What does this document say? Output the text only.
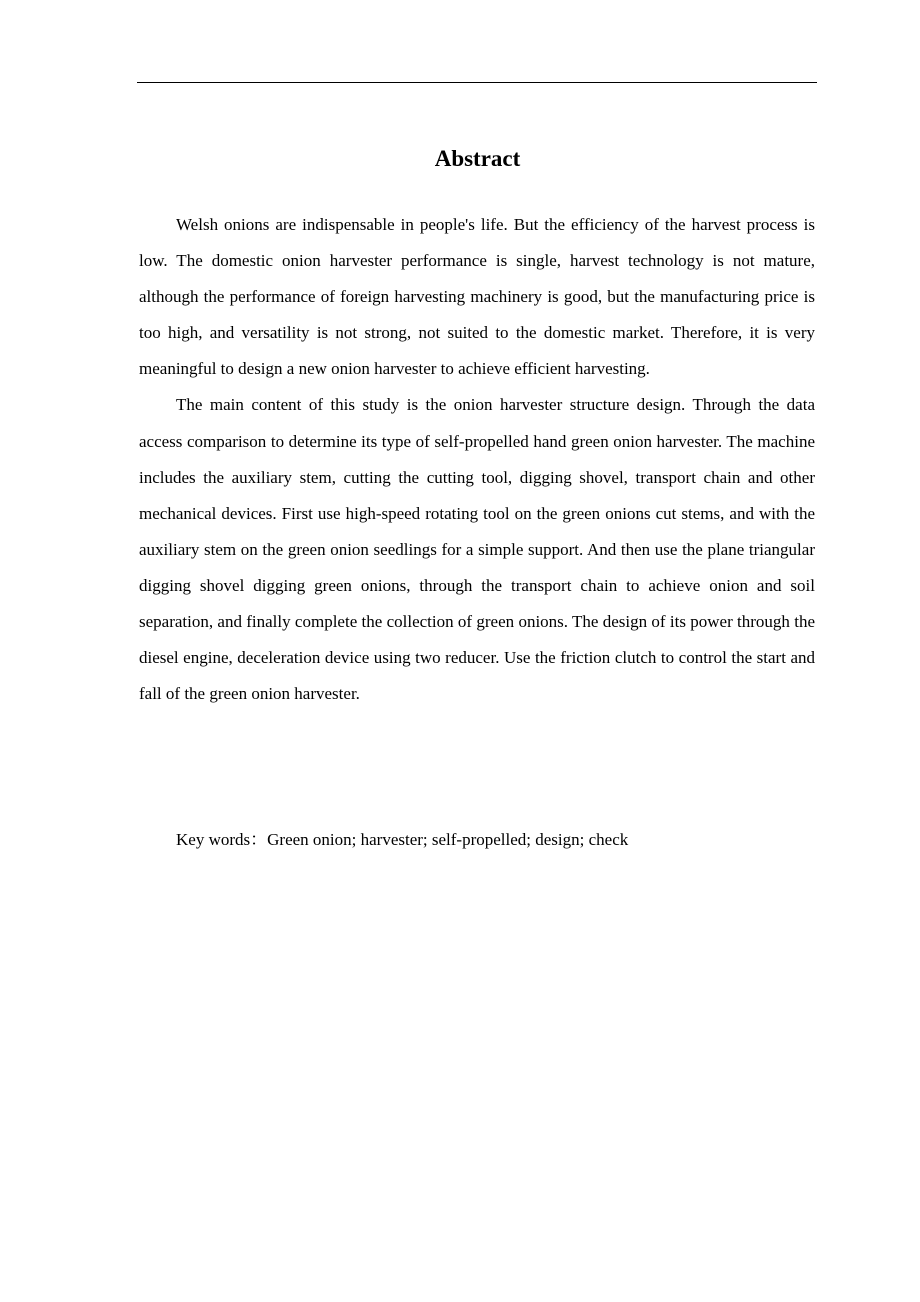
Abstract

Welsh onions are indispensable in people's life. But the efficiency of the harvest process is low. The domestic onion harvester performance is single, harvest technology is not mature, although the performance of foreign harvesting machinery is good, but the manufacturing price is too high, and versatility is not strong, not suited to the domestic market. Therefore, it is very meaningful to design a new onion harvester to achieve efficient harvesting.

The main content of this study is the onion harvester structure design. Through the data access comparison to determine its type of self-propelled hand green onion harvester. The machine includes the auxiliary stem, cutting the cutting tool, digging shovel, transport chain and other mechanical devices. First use high-speed rotating tool on the green onions cut stems, and with the auxiliary stem on the green onion seedlings for a simple support. And then use the plane triangular digging shovel digging green onions, through the transport chain to achieve onion and soil separation, and finally complete the collection of green onions. The design of its power through the diesel engine, deceleration device using two reducer. Use the friction clutch to control the start and fall of the green onion harvester.

Key words：Green onion; harvester; self-propelled; design; check
